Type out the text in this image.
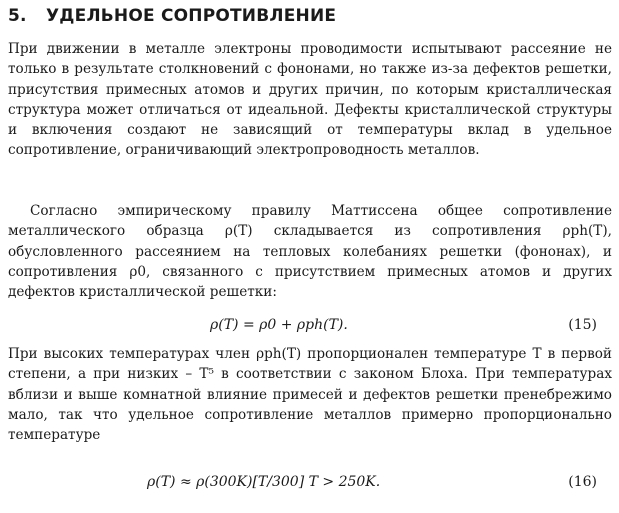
5. УДЕЛЬНОЕ СОПРОТИВЛЕНИЕ
При движении в металле электроны проводимости испытывают рассеяние не только в результате столкновений с фононами, но также из-за дефектов решетки, присутствия примесных атомов и других причин, по которым кристаллическая структура может отличаться от идеальной. Дефекты кристаллической структуры и включения создают не зависящий от температуры вклад в удельное сопротивление, ограничивающий электропроводность металлов.
Согласно эмпирическому правилу Маттиссена общее сопротивление металлического образца ρ(T) складывается из сопротивления ρph(T), обусловленного рассеянием на тепловых колебаниях решетки (фононах), и сопротивления ρ0, связанного с присутствием примесных атомов и других дефектов кристаллической решетки:
ρ(T) = ρ0 + ρph(T).	(15)
При высоких температурах член ρph(T) пропорционален температуре T в первой степени, а при низких – T⁵ в соответствии с законом Блоха. При температурах вблизи и выше комнатной влияние примесей и дефектов решетки пренебрежимо мало, так что удельное сопротивление металлов примерно пропорционально температуре
ρ(T) ≈ ρ(300K)[T/300] T > 250K.	(16)
